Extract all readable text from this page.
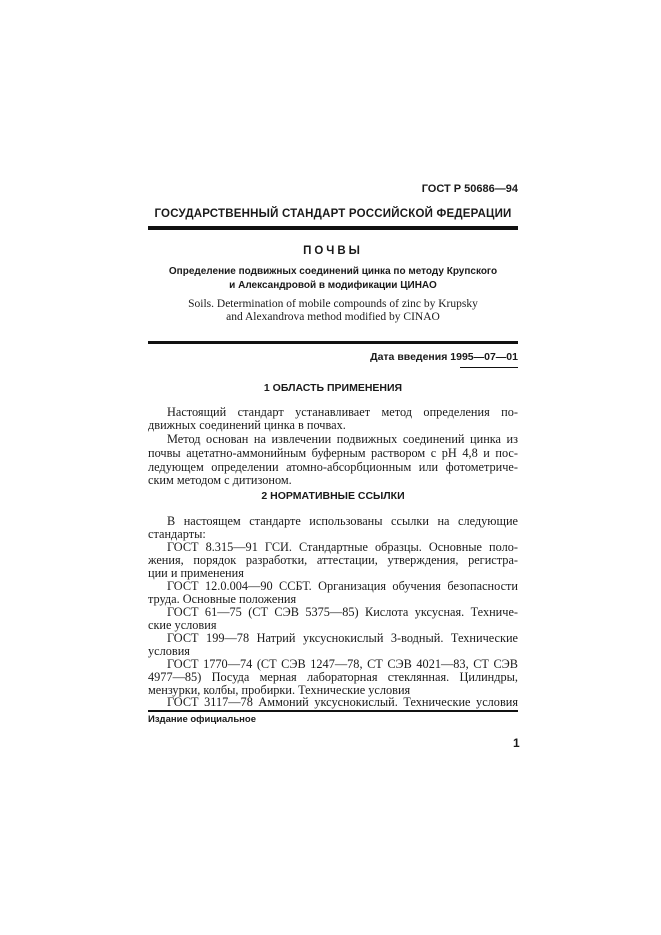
ГОСТ Р 50686—94
ГОСУДАРСТВЕННЫЙ СТАНДАРТ РОССИЙСКОЙ ФЕДЕРАЦИИ
ПОЧВЫ
Определение подвижных соединений цинка по методу Крупского
и Александровой в модификации ЦИНАО
Soils. Determination of mobile compounds of zinc by Krupsky
and Alexandrova method modified by CINAO
Дата введения 1995—07—01
1 ОБЛАСТЬ ПРИМЕНЕНИЯ
Настоящий стандарт устанавливает метод определения по-
движных соединений цинка в почвах.
Метод основан на извлечении подвижных соединений цинка из
почвы ацетатно-аммонийным буферным раствором с pH 4,8 и пос-
ледующем определении атомно-абсорбционным или фотометриче-
ским методом с дитизоном.
2 НОРМАТИВНЫЕ ССЫЛКИ
В настоящем стандарте использованы ссылки на следующие
стандарты:
ГОСТ 8.315—91 ГСИ. Стандартные образцы. Основные поло-
жения, порядок разработки, аттестации, утверждения, регистра-
ции и применения
ГОСТ 12.0.004—90 ССБТ. Организация обучения безопасности
труда. Основные положения
ГОСТ 61—75 (СТ СЭВ 5375—85) Кислота уксусная. Техниче-
ские условия
ГОСТ 199—78 Натрий уксуснокислый 3-водный. Технические
условия
ГОСТ 1770—74 (СТ СЭВ 1247—78, СТ СЭВ 4021—83, СТ СЭВ
4977—85) Посуда мерная лабораторная стеклянная. Цилиндры,
мензурки, колбы, пробирки. Технические условия
ГОСТ 3117—78 Аммоний уксуснокислый. Технические условия
Издание официальное
1
